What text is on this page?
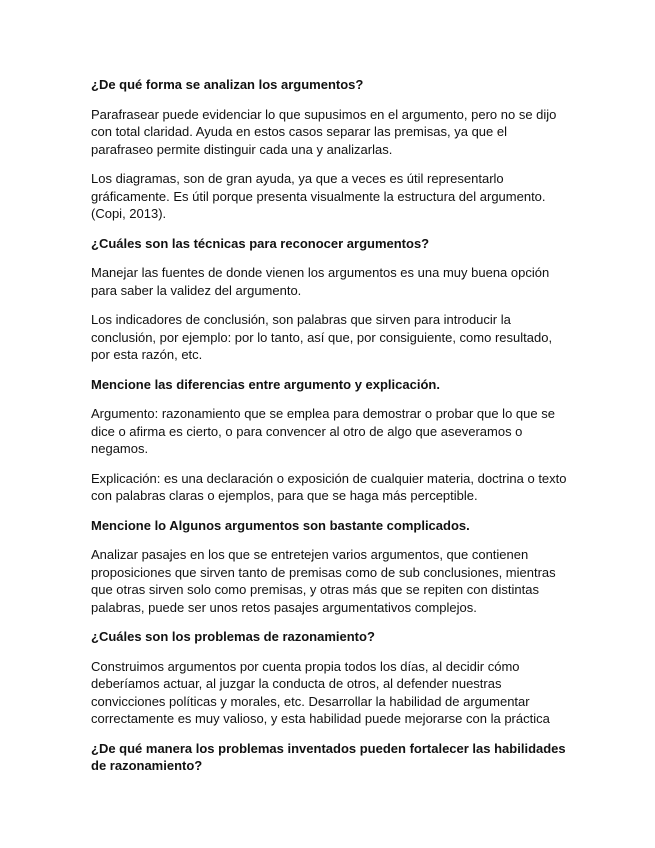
¿De qué forma se analizan los argumentos?
Parafrasear puede evidenciar lo que supusimos en el argumento, pero no se dijo
con total claridad. Ayuda en estos casos separar las premisas, ya que el
parafraseo permite distinguir cada una y analizarlas.
Los diagramas, son de gran ayuda, ya que a veces es útil representarlo
gráficamente. Es útil porque presenta visualmente la estructura del argumento.
(Copi, 2013).
¿Cuáles son las técnicas para reconocer argumentos?
Manejar las fuentes de donde vienen los argumentos es una muy buena opción
para saber la validez del argumento.
Los indicadores de conclusión, son palabras que sirven para introducir la
conclusión, por ejemplo: por lo tanto, así que, por consiguiente, como resultado,
por esta razón, etc.
Mencione las diferencias entre argumento y explicación.
Argumento: razonamiento que se emplea para demostrar o probar que lo que se
dice o afirma es cierto, o para convencer al otro de algo que aseveramos o
negamos.
Explicación: es una declaración o exposición de cualquier materia, doctrina o texto
con palabras claras o ejemplos, para que se haga más perceptible.
Mencione lo Algunos argumentos son bastante complicados.
Analizar pasajes en los que se entretejen varios argumentos, que contienen
proposiciones que sirven tanto de premisas como de sub conclusiones, mientras
que otras sirven solo como premisas, y otras más que se repiten con distintas
palabras, puede ser unos retos pasajes argumentativos complejos.
¿Cuáles son los problemas de razonamiento?
Construimos argumentos por cuenta propia todos los días, al decidir cómo
deberíamos actuar, al juzgar la conducta de otros, al defender nuestras
convicciones políticas y morales, etc. Desarrollar la habilidad de argumentar
correctamente es muy valioso, y esta habilidad puede mejorarse con la práctica
¿De qué manera los problemas inventados pueden fortalecer las habilidades
de razonamiento?
